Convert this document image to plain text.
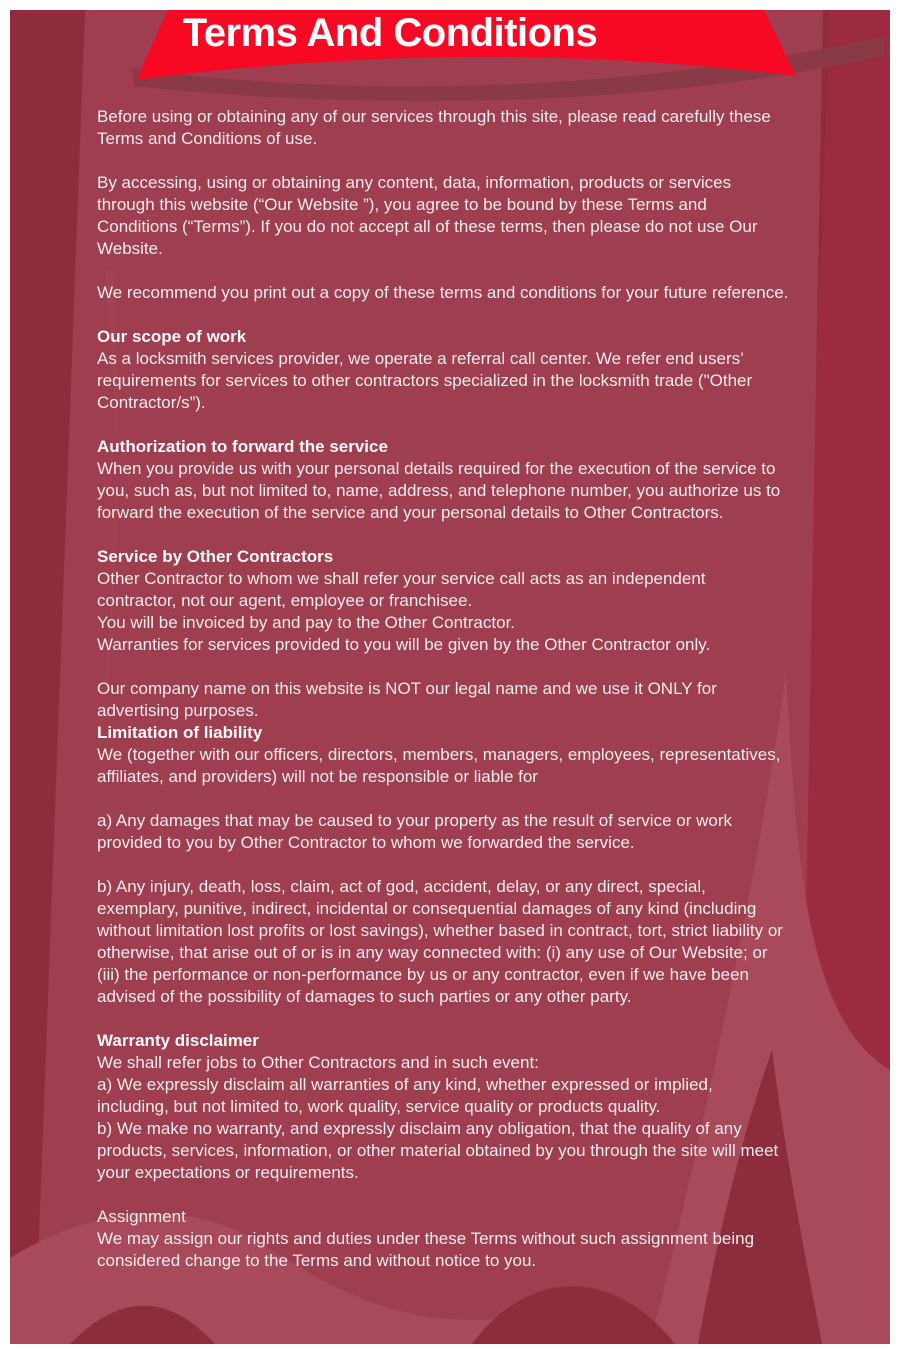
Terms And Conditions
Before using or obtaining any of our services through this site, please read carefully these Terms and Conditions of use.
By accessing, using or obtaining any content, data, information, products or services through this website (“Our Website ”), you agree to be bound by these Terms and Conditions (“Terms”). If you do not accept all of these terms, then please do not use Our Website.
We recommend you print out a copy of these terms and conditions for your future reference.
Our scope of work
As a locksmith services provider, we operate a referral call center. We refer end users’ requirements for services to other contractors specialized in the locksmith trade ("Other Contractor/s”).
Authorization to forward the service
When you provide us with your personal details required for the execution of the service to you, such as, but not limited to, name, address, and telephone number, you authorize us to forward the execution of the service and your personal details to Other Contractors.
Service by Other Contractors
Other Contractor to whom we shall refer your service call acts as an independent contractor, not our agent, employee or franchisee.
You will be invoiced by and pay to the Other Contractor.
Warranties for services provided to you will be given by the Other Contractor only.
Our company name on this website is NOT our legal name and we use it ONLY for advertising purposes.
Limitation of liability
We (together with our officers, directors, members, managers, employees, representatives, affiliates, and providers) will not be responsible or liable for
a) Any damages that may be caused to your property as the result of service or work provided to you by Other Contractor to whom we forwarded the service.
b) Any injury, death, loss, claim, act of god, accident, delay, or any direct, special, exemplary, punitive, indirect, incidental or consequential damages of any kind (including without limitation lost profits or lost savings), whether based in contract, tort, strict liability or otherwise, that arise out of or is in any way connected with: (i) any use of Our Website; or (iii) the performance or non-performance by us or any contractor, even if we have been advised of the possibility of damages to such parties or any other party.
Warranty disclaimer
We shall refer jobs to Other Contractors and in such event:
a) We expressly disclaim all warranties of any kind, whether expressed or implied, including, but not limited to, work quality, service quality or products quality.
b) We make no warranty, and expressly disclaim any obligation, that the quality of any products, services, information, or other material obtained by you through the site will meet your expectations or requirements.
Assignment
We may assign our rights and duties under these Terms without such assignment being considered change to the Terms and without notice to you.
